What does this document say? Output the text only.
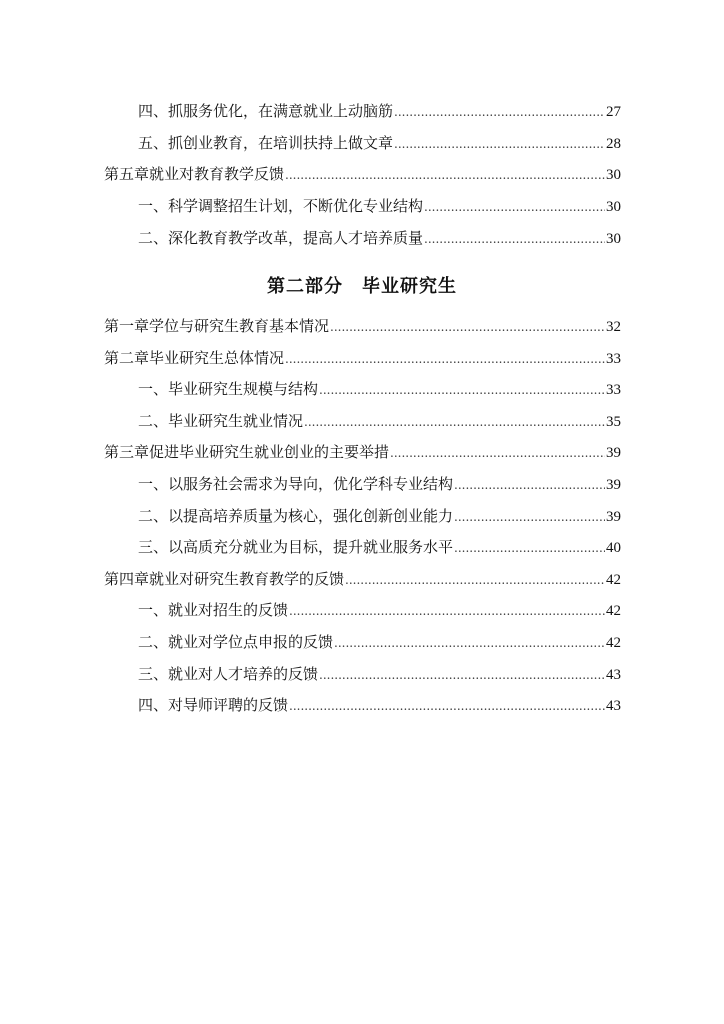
四、 抓服务优化，在满意就业上动脑筋 .....	27
五、 抓创业教育，在培训扶持上做文章 .....	28
第五章 就业对教育教学反馈 .....	30
一、 科学调整招生计划，不断优化专业结构 .....	30
二、 深化教育教学改革，提高人才培养质量 .....	30
第一章 学位与研究生教育基本情况 .....	32
第二章 毕业研究生总体情况 .....	33
一、 毕业研究生规模与结构 .....	33
二、 毕业研究生就业情况 .....	35
第三章 促进毕业研究生就业创业的主要举措 .....	39
一、 以服务社会需求为导向，优化学科专业结构 .....	39
二、 以提高培养质量为核心，强化创新创业能力 .....	39
三、 以高质充分就业为目标，提升就业服务水平 .....	40
第四章 就业对研究生教育教学的反馈 .....	42
一、 就业对招生的反馈 .....	42
二、 就业对学位点申报的反馈 .....	42
三、 就业对人才培养的反馈 .....	43
四、 对导师评聘的反馈 .....	43
第二部分　毕业研究生
